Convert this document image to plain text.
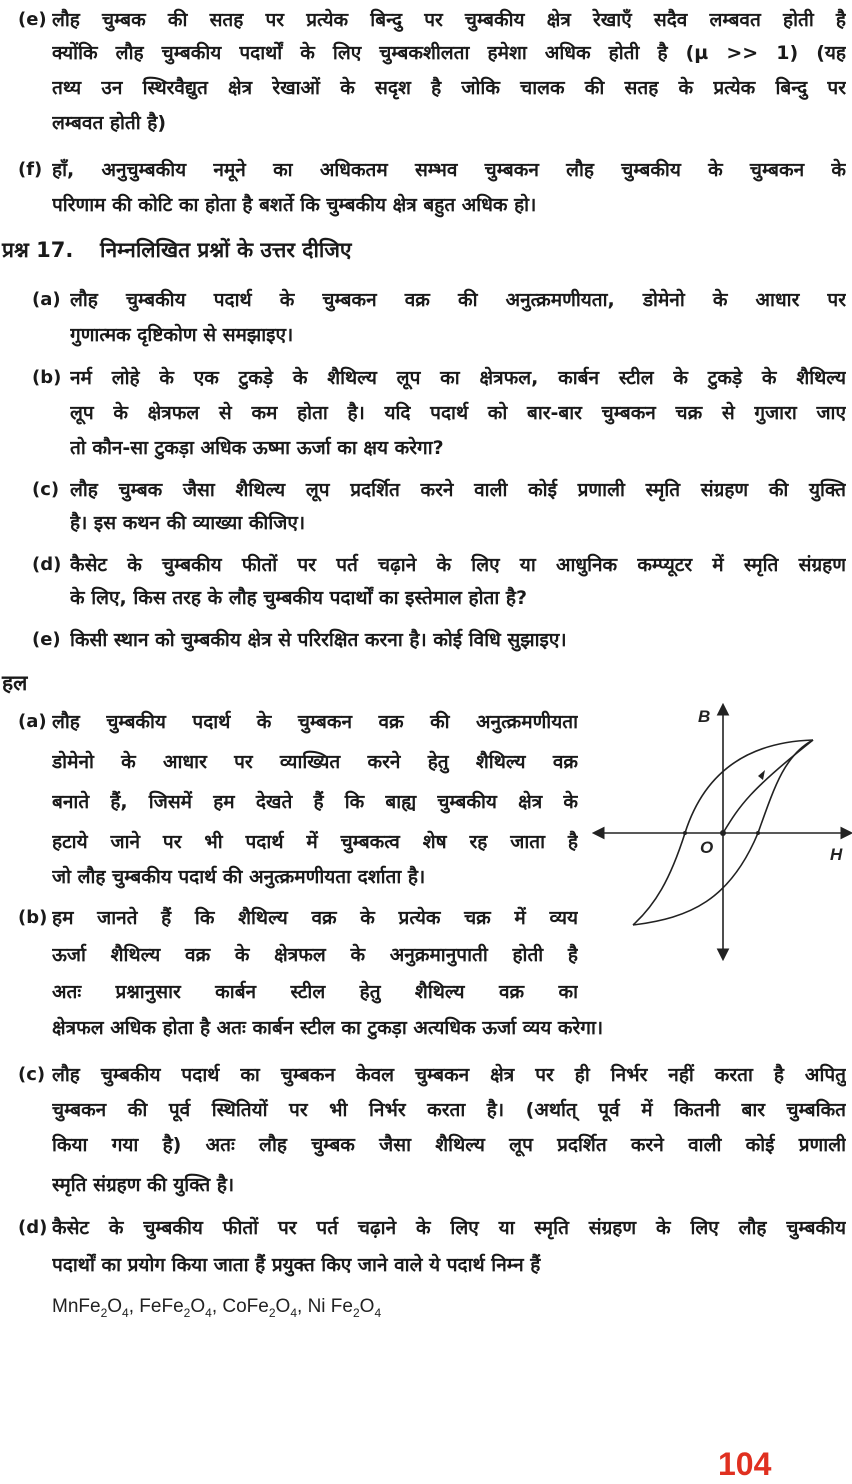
(e) लौह चुम्बक की सतह पर प्रत्येक बिन्दु पर चुम्बकीय क्षेत्र रेखाएँ सदैव लम्बवत होती है
क्योंकि लौह चुम्बकीय पदार्थों के लिए चुम्बकशीलता हमेशा अधिक होती है (µ >> 1) (यह
तथ्य उन स्थिरवैद्युत क्षेत्र रेखाओं के सदृश है जोकि चालक की सतह के प्रत्येक बिन्दु पर
लम्बवत होती है)
(f) हाँ, अनुचुम्बकीय नमूने का अधिकतम सम्भव चुम्बकन लौह चुम्बकीय के चुम्बकन के
परिणाम की कोटि का होता है बशर्ते कि चुम्बकीय क्षेत्र बहुत अधिक हो।
प्रश्न 17. निम्नलिखित प्रश्नों के उत्तर दीजिए
(a) लौह चुम्बकीय पदार्थ के चुम्बकन वक्र की अनुत्क्रमणीयता, डोमेनो के आधार पर
गुणात्मक दृष्टिकोण से समझाइए।
(b) नर्म लोहे के एक टुकड़े के शैथिल्य लूप का क्षेत्रफल, कार्बन स्टील के टुकड़े के शैथिल्य
लूप के क्षेत्रफल से कम होता है। यदि पदार्थ को बार-बार चुम्बकन चक्र से गुजारा जाए
तो कौन-सा टुकड़ा अधिक ऊष्मा ऊर्जा का क्षय करेगा?
(c) लौह चुम्बक जैसा शैथिल्य लूप प्रदर्शित करने वाली कोई प्रणाली स्मृति संग्रहण की युक्ति
है। इस कथन की व्याख्या कीजिए।
(d) कैसेट के चुम्बकीय फीतों पर पर्त चढ़ाने के लिए या आधुनिक कम्प्यूटर में स्मृति संग्रहण
के लिए, किस तरह के लौह चुम्बकीय पदार्थों का इस्तेमाल होता है?
(e) किसी स्थान को चुम्बकीय क्षेत्र से परिरक्षित करना है। कोई विधि सुझाइए।
हल
(a) लौह चुम्बकीय पदार्थ के चुम्बकन वक्र की अनुत्क्रमणीयता
डोमेनो के आधार पर व्याख्यित करने हेतु शैथिल्य वक्र
बनाते हैं, जिसमें हम देखते हैं कि बाह्य चुम्बकीय क्षेत्र के
हटाये जाने पर भी पदार्थ में चुम्बकत्व शेष रह जाता है
जो लौह चुम्बकीय पदार्थ की अनुत्क्रमणीयता दर्शाता है।
(b) हम जानते हैं कि शैथिल्य वक्र के प्रत्येक चक्र में व्यय
ऊर्जा शैथिल्य वक्र के क्षेत्रफल के अनुक्रमानुपाती होती है
अतः प्रश्नानुसार कार्बन स्टील हेतु शैथिल्य वक्र का
क्षेत्रफल अधिक होता है अतः कार्बन स्टील का टुकड़ा अत्यधिक ऊर्जा व्यय करेगा।
(c) लौह चुम्बकीय पदार्थ का चुम्बकन केवल चुम्बकन क्षेत्र पर ही निर्भर नहीं करता है अपितु
चुम्बकन की पूर्व स्थितियों पर भी निर्भर करता है। (अर्थात् पूर्व में कितनी बार चुम्बकित
किया गया है) अतः लौह चुम्बक जैसा शैथिल्य लूप प्रदर्शित करने वाली कोई प्रणाली
स्मृति संग्रहण की युक्ति है।
(d) कैसेट के चुम्बकीय फीतों पर पर्त चढ़ाने के लिए या स्मृति संग्रहण के लिए लौह चुम्बकीय
पदार्थों का प्रयोग किया जाता हैं प्रयुक्त किए जाने वाले ये पदार्थ निम्न हैं
B
H
O
$MnFe_2O_4$, $FeFe_2O_4$, $CoFe_2O_4$, Ni $Fe_2O_4$
104
